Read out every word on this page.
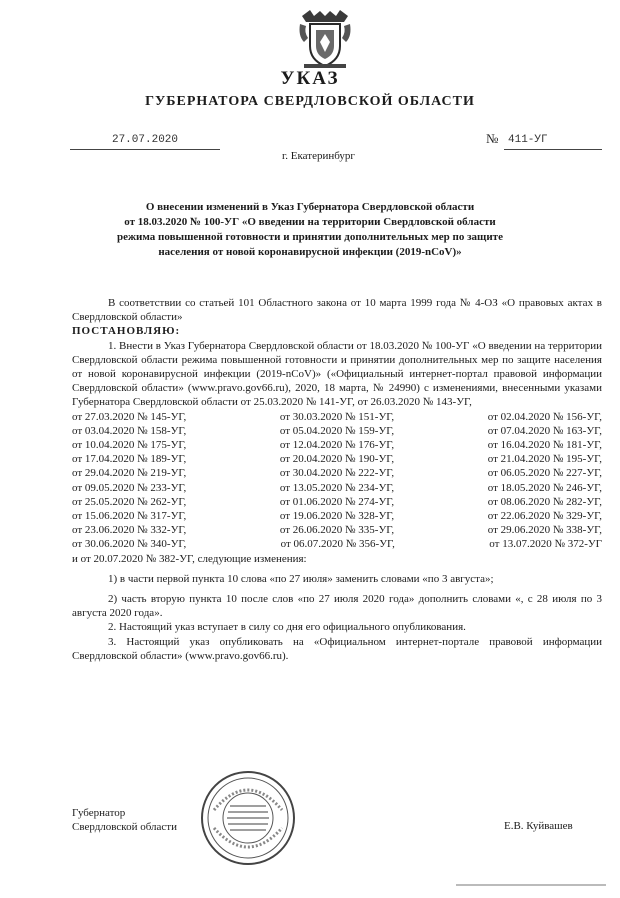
УКАЗ
ГУБЕРНАТОРА СВЕРДЛОВСКОЙ ОБЛАСТИ
27.07.2020	№ 411-УГ
г. Екатеринбург
О внесении изменений в Указ Губернатора Свердловской области
от 18.03.2020 № 100-УГ «О введении на территории Свердловской области
режима повышенной готовности и принятии дополнительных мер по защите
населения от новой коронавирусной инфекции (2019-nCoV)»

В соответствии со статьей 101 Областного закона от 10 марта 1999 года № 4-ОЗ «О правовых актах в Свердловской области»

ПОСТАНОВЛЯЮ:

1. Внести в Указ Губернатора Свердловской области от 18.03.2020 № 100-УГ «О введении на территории Свердловской области режима повышенной готовности и принятии дополнительных мер по защите населения от новой коронавирусной инфекции (2019-nCoV)» («Официальный интернет-портал правовой информации Свердловской области» (www.pravo.gov66.ru), 2020, 18 марта, № 24990) с изменениями, внесенными указами Губернатора Свердловской области от 25.03.2020 № 141-УГ, от 26.03.2020 № 143-УГ,

от 27.03.2020 № 145-УГ,	от 30.03.2020 № 151-УГ,	от 02.04.2020 № 156-УГ,
от 03.04.2020 № 158-УГ,	от 05.04.2020 № 159-УГ,	от 07.04.2020 № 163-УГ,
от 10.04.2020 № 175-УГ,	от 12.04.2020 № 176-УГ,	от 16.04.2020 № 181-УГ,
от 17.04.2020 № 189-УГ,	от 20.04.2020 № 190-УГ,	от 21.04.2020 № 195-УГ,
от 29.04.2020 № 219-УГ,	от 30.04.2020 № 222-УГ,	от 06.05.2020 № 227-УГ,
от 09.05.2020 № 233-УГ,	от 13.05.2020 № 234-УГ,	от 18.05.2020 № 246-УГ,
от 25.05.2020 № 262-УГ,	от 01.06.2020 № 274-УГ,	от 08.06.2020 № 282-УГ,
от 15.06.2020 № 317-УГ,	от 19.06.2020 № 328-УГ,	от 22.06.2020 № 329-УГ,
от 23.06.2020 № 332-УГ,	от 26.06.2020 № 335-УГ,	от 29.06.2020 № 338-УГ,
от 30.06.2020 № 340-УГ,	от 06.07.2020 № 356-УГ,	от 13.07.2020 № 372-УГ

и от 20.07.2020 № 382-УГ, следующие изменения:

1) в части первой пункта 10 слова «по 27 июля» заменить словами «по 3 августа»;

2) часть вторую пункта 10 после слов «по 27 июля 2020 года» дополнить словами «, с 28 июля по 3 августа 2020 года».

2. Настоящий указ вступает в силу со дня его официального опубликования.

3. Настоящий указ опубликовать на «Официальном интернет-портале правовой информации Свердловской области» (www.pravo.gov66.ru).

Губернатор
Свердловской области	Е.В. Куйвашев
